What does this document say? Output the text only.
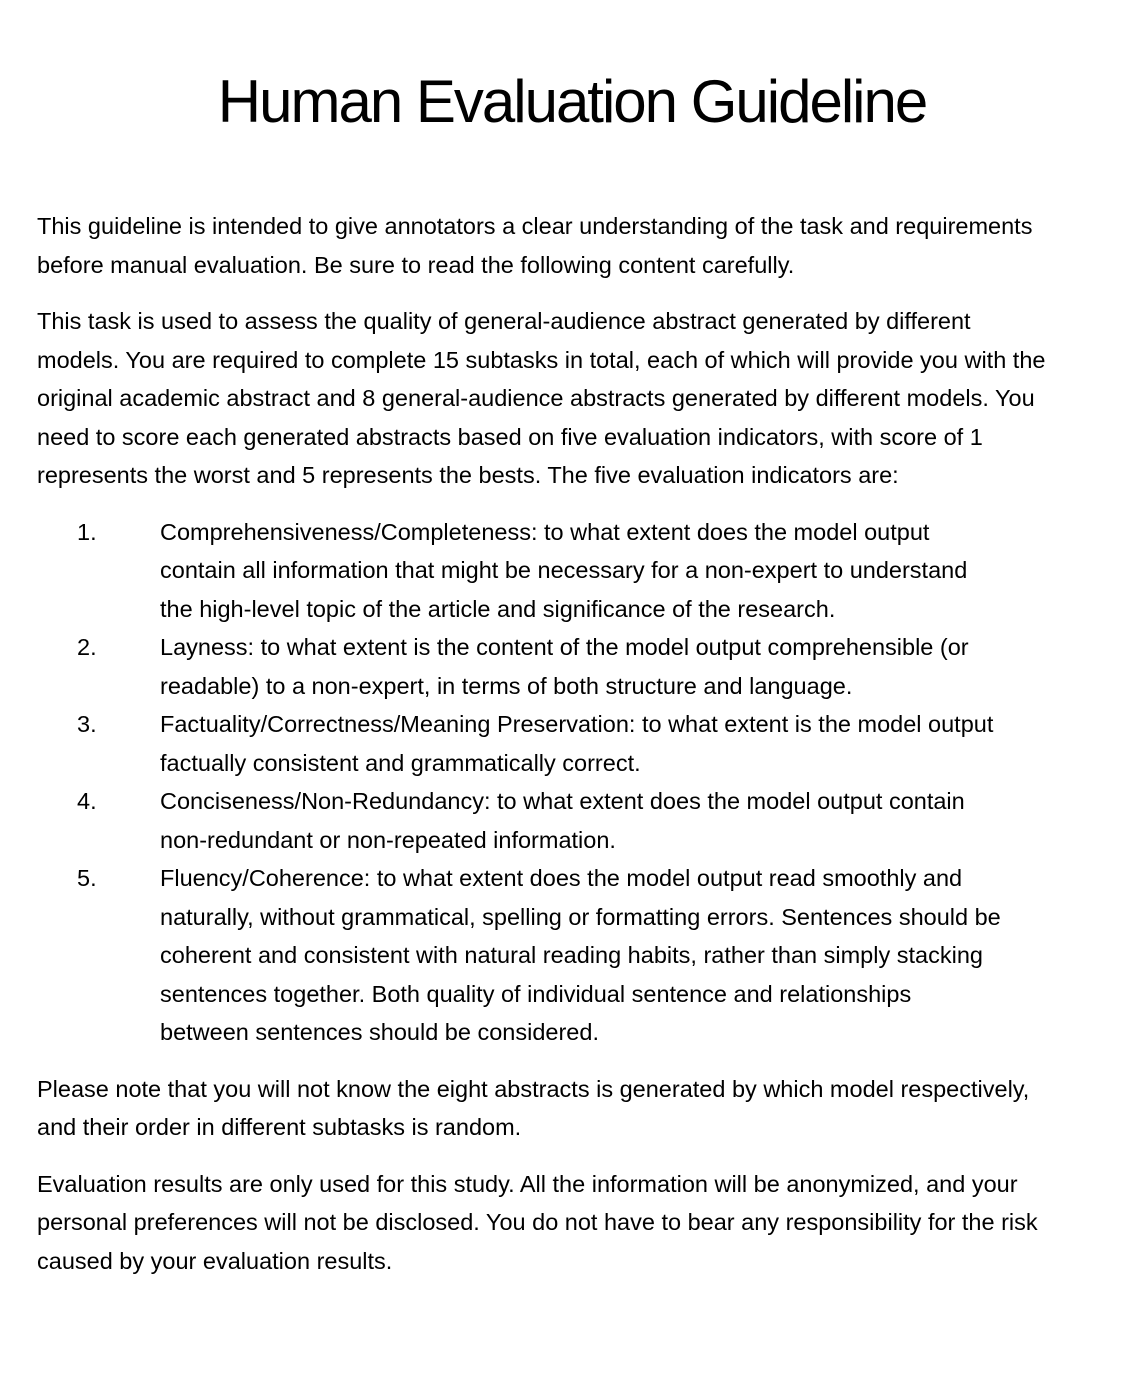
Human Evaluation Guideline

This guideline is intended to give annotators a clear understanding of the task and requirements before manual evaluation. Be sure to read the following content carefully.

This task is used to assess the quality of general-audience abstract generated by different models. You are required to complete 15 subtasks in total, each of which will provide you with the original academic abstract and 8 general-audience abstracts generated by different models. You need to score each generated abstracts based on five evaluation indicators, with score of 1 represents the worst and 5 represents the bests. The five evaluation indicators are:

1.	Comprehensiveness/Completeness: to what extent does the model output contain all information that might be necessary for a non-expert to understand the high-level topic of the article and significance of the research.
2.	Layness: to what extent is the content of the model output comprehensible (or readable) to a non-expert, in terms of both structure and language.
3.	Factuality/Correctness/Meaning Preservation: to what extent is the model output factually consistent and grammatically correct.
4.	Conciseness/Non-Redundancy: to what extent does the model output contain non-redundant or non-repeated information.
5.	Fluency/Coherence: to what extent does the model output read smoothly and naturally, without grammatical, spelling or formatting errors. Sentences should be coherent and consistent with natural reading habits, rather than simply stacking sentences together. Both quality of individual sentence and relationships between sentences should be considered.

Please note that you will not know the eight abstracts is generated by which model respectively, and their order in different subtasks is random.

Evaluation results are only used for this study. All the information will be anonymized, and your personal preferences will not be disclosed. You do not have to bear any responsibility for the risk caused by your evaluation results.
